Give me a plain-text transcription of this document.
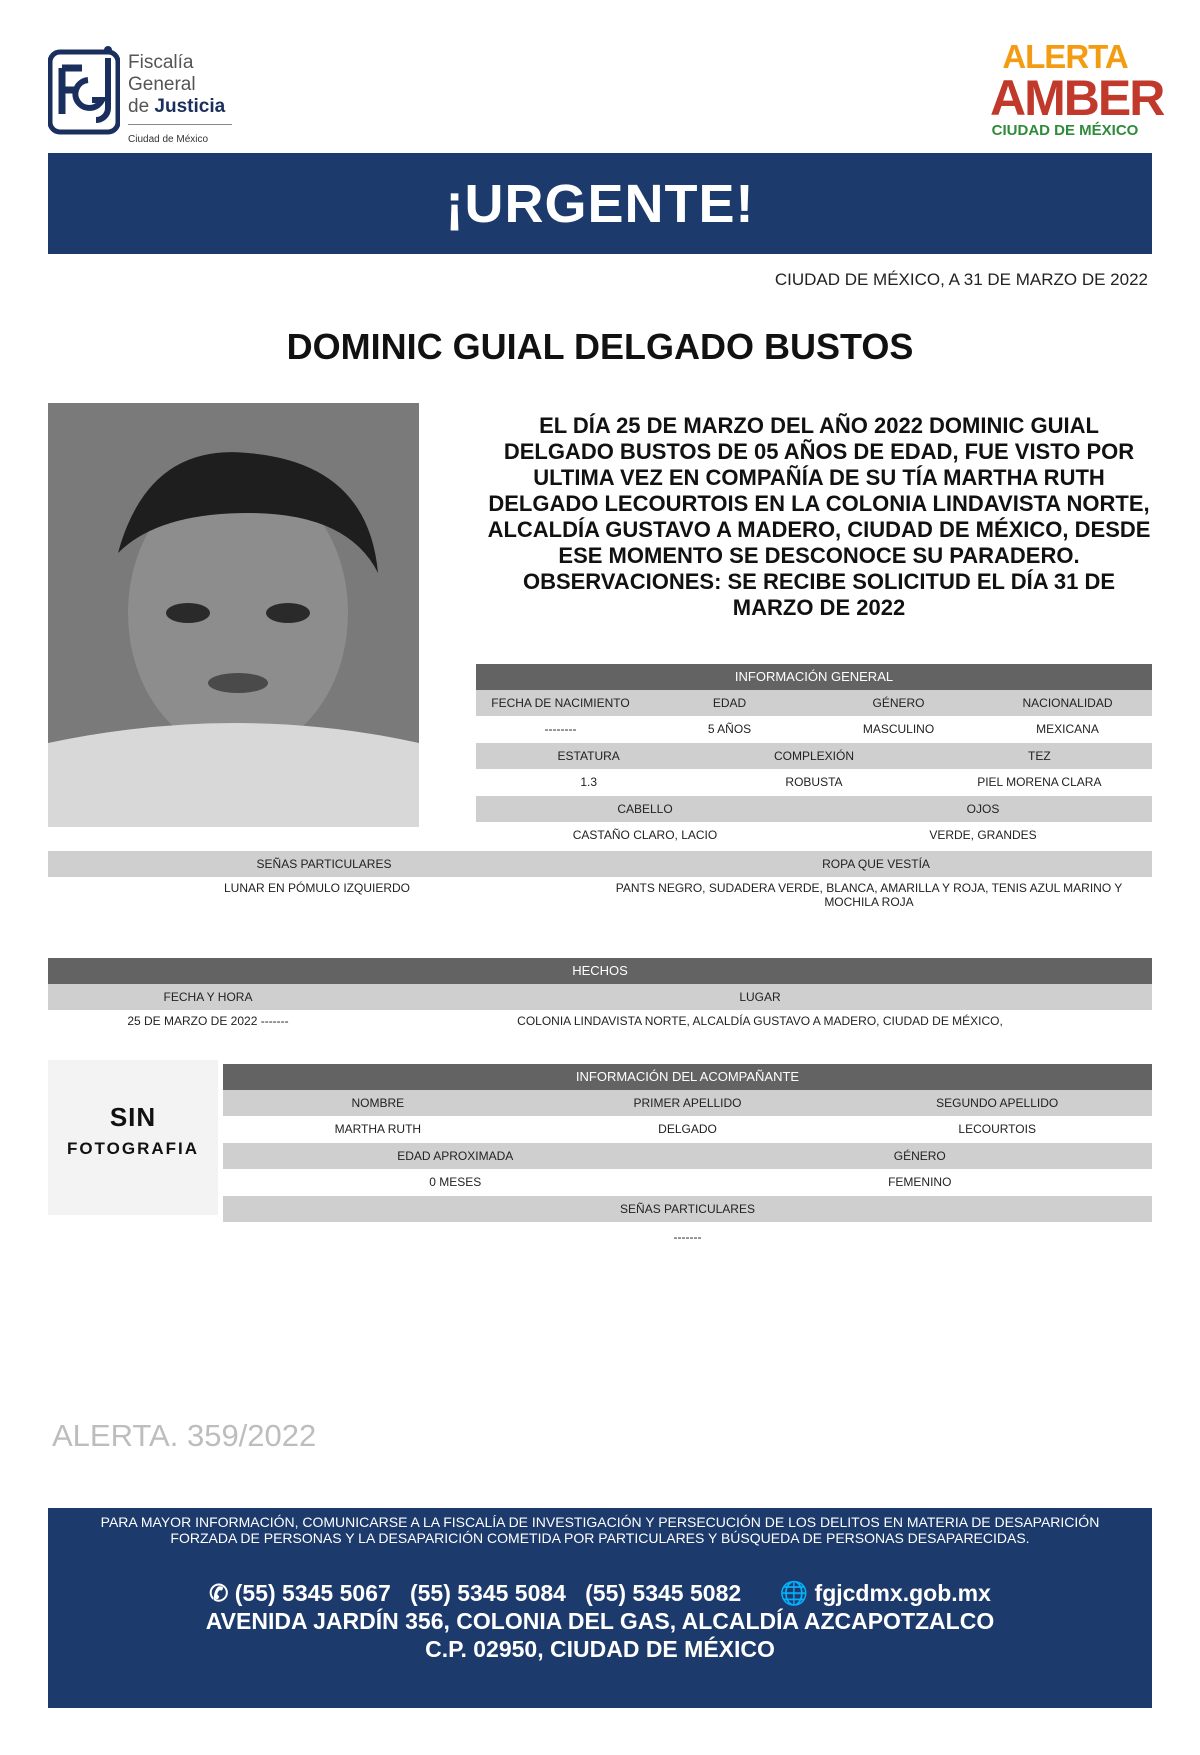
Fiscalía
General
de Justicia
Ciudad de México
ALERTA
AMBER
CIUDAD DE MÉXICO
¡URGENTE!
CIUDAD DE MÉXICO, A 31 DE MARZO DE 2022
DOMINIC GUIAL DELGADO BUSTOS
EL DÍA 25 DE MARZO DEL AÑO 2022 DOMINIC GUIAL DELGADO BUSTOS DE 05 AÑOS DE EDAD, FUE VISTO POR ULTIMA VEZ EN COMPAÑÍA DE SU TÍA MARTHA RUTH DELGADO LECOURTOIS EN LA COLONIA LINDAVISTA NORTE, ALCALDÍA GUSTAVO A MADERO, CIUDAD DE MÉXICO, DESDE ESE MOMENTO SE DESCONOCE SU PARADERO.
OBSERVACIONES: SE RECIBE SOLICITUD EL DÍA 31 DE MARZO DE 2022
INFORMACIÓN GENERAL
FECHA DE NACIMIENTO	EDAD	GÉNERO	NACIONALIDAD
--------	5 AÑOS	MASCULINO	MEXICANA
ESTATURA	COMPLEXIÓN	TEZ
1.3	ROBUSTA	PIEL MORENA CLARA
CABELLO	OJOS
CASTAÑO CLARO, LACIO	VERDE, GRANDES
SEÑAS PARTICULARES	ROPA QUE VESTÍA
LUNAR EN PÓMULO IZQUIERDO	PANTS NEGRO, SUDADERA VERDE, BLANCA, AMARILLA Y ROJA, TENIS AZUL MARINO Y MOCHILA ROJA
HECHOS
FECHA Y HORA	LUGAR
25 DE MARZO DE 2022 -------	COLONIA LINDAVISTA NORTE, ALCALDÍA GUSTAVO A MADERO, CIUDAD DE MÉXICO,
SIN
FOTOGRAFIA
INFORMACIÓN DEL ACOMPAÑANTE
NOMBRE	PRIMER APELLIDO	SEGUNDO APELLIDO
MARTHA RUTH	DELGADO	LECOURTOIS
EDAD APROXIMADA	GÉNERO
0 MESES	FEMENINO
SEÑAS PARTICULARES
-------
ALERTA. 359/2022
PARA MAYOR INFORMACIÓN, COMUNICARSE A LA FISCALÍA DE INVESTIGACIÓN Y PERSECUCIÓN DE LOS DELITOS EN MATERIA DE DESAPARICIÓN FORZADA DE PERSONAS Y LA DESAPARICIÓN COMETIDA POR PARTICULARES Y BÚSQUEDA DE PERSONAS DESAPARECIDAS.
✆ (55) 5345 5067 (55) 5345 5084 (55) 5345 5082 🌐 fgjcdmx.gob.mx
AVENIDA JARDÍN 356, COLONIA DEL GAS, ALCALDÍA AZCAPOTZALCO
C.P. 02950, CIUDAD DE MÉXICO
